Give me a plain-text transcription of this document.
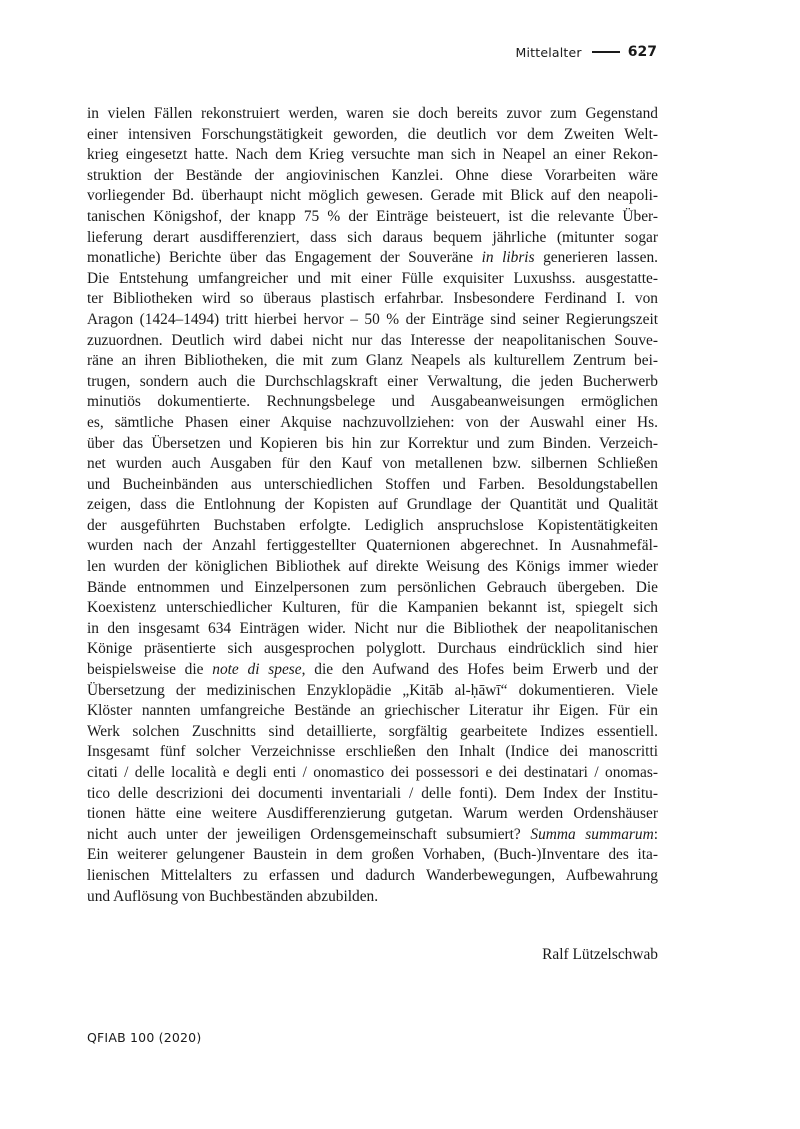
Mittelalter	627
in vielen Fällen rekonstruiert werden, waren sie doch bereits zuvor zum Gegenstand
einer intensiven Forschungstätigkeit geworden, die deutlich vor dem Zweiten Welt-
krieg eingesetzt hatte. Nach dem Krieg versuchte man sich in Neapel an einer Rekon-
struktion der Bestände der angiovinischen Kanzlei. Ohne diese Vorarbeiten wäre
vorliegender Bd. überhaupt nicht möglich gewesen. Gerade mit Blick auf den neapoli-
tanischen Königshof, der knapp 75 % der Einträge beisteuert, ist die relevante Über-
lieferung derart ausdifferenziert, dass sich daraus bequem jährliche (mitunter sogar
monatliche) Berichte über das Engagement der Souveräne in libris generieren lassen.
Die Entstehung umfangreicher und mit einer Fülle exquisiter Luxushss. ausgestatte-
ter Bibliotheken wird so überaus plastisch erfahrbar. Insbesondere Ferdinand I. von
Aragon (1424–1494) tritt hierbei hervor – 50 % der Einträge sind seiner Regierungszeit
zuzuordnen. Deutlich wird dabei nicht nur das Interesse der neapolitanischen Souve-
räne an ihren Bibliotheken, die mit zum Glanz Neapels als kulturellem Zentrum bei-
trugen, sondern auch die Durchschlagskraft einer Verwaltung, die jeden Bucherwerb
minutiös dokumentierte. Rechnungsbelege und Ausgabeanweisungen ermöglichen
es, sämtliche Phasen einer Akquise nachzuvollziehen: von der Auswahl einer Hs.
über das Übersetzen und Kopieren bis hin zur Korrektur und zum Binden. Verzeich-
net wurden auch Ausgaben für den Kauf von metallenen bzw. silbernen Schließen
und Bucheinbänden aus unterschiedlichen Stoffen und Farben. Besoldungstabellen
zeigen, dass die Entlohnung der Kopisten auf Grundlage der Quantität und Qualität
der ausgeführten Buchstaben erfolgte. Lediglich anspruchslose Kopistentätigkeiten
wurden nach der Anzahl fertiggestellter Quaternionen abgerechnet. In Ausnahmefäl-
len wurden der königlichen Bibliothek auf direkte Weisung des Königs immer wieder
Bände entnommen und Einzelpersonen zum persönlichen Gebrauch übergeben. Die
Koexistenz unterschiedlicher Kulturen, für die Kampanien bekannt ist, spiegelt sich
in den insgesamt 634 Einträgen wider. Nicht nur die Bibliothek der neapolitanischen
Könige präsentierte sich ausgesprochen polyglott. Durchaus eindrücklich sind hier
beispielsweise die note di spese, die den Aufwand des Hofes beim Erwerb und der
Übersetzung der medizinischen Enzyklopädie „Kitāb al-ḥāwī“ dokumentieren. Viele
Klöster nannten umfangreiche Bestände an griechischer Literatur ihr Eigen. Für ein
Werk solchen Zuschnitts sind detaillierte, sorgfältig gearbeitete Indizes essentiell.
Insgesamt fünf solcher Verzeichnisse erschließen den Inhalt (Indice dei manoscritti
citati / delle località e degli enti / onomastico dei possessori e dei destinatari / onomas-
tico delle descrizioni dei documenti inventariali / delle fonti). Dem Index der Institu-
tionen hätte eine weitere Ausdifferenzierung gutgetan. Warum werden Ordenshäuser
nicht auch unter der jeweiligen Ordensgemeinschaft subsumiert? Summa summarum:
Ein weiterer gelungener Baustein in dem großen Vorhaben, (Buch-)Inventare des ita-
lienischen Mittelalters zu erfassen und dadurch Wanderbewegungen, Aufbewahrung
und Auflösung von Buchbeständen abzubilden.
Ralf Lützelschwab
QFIAB 100 (2020)
